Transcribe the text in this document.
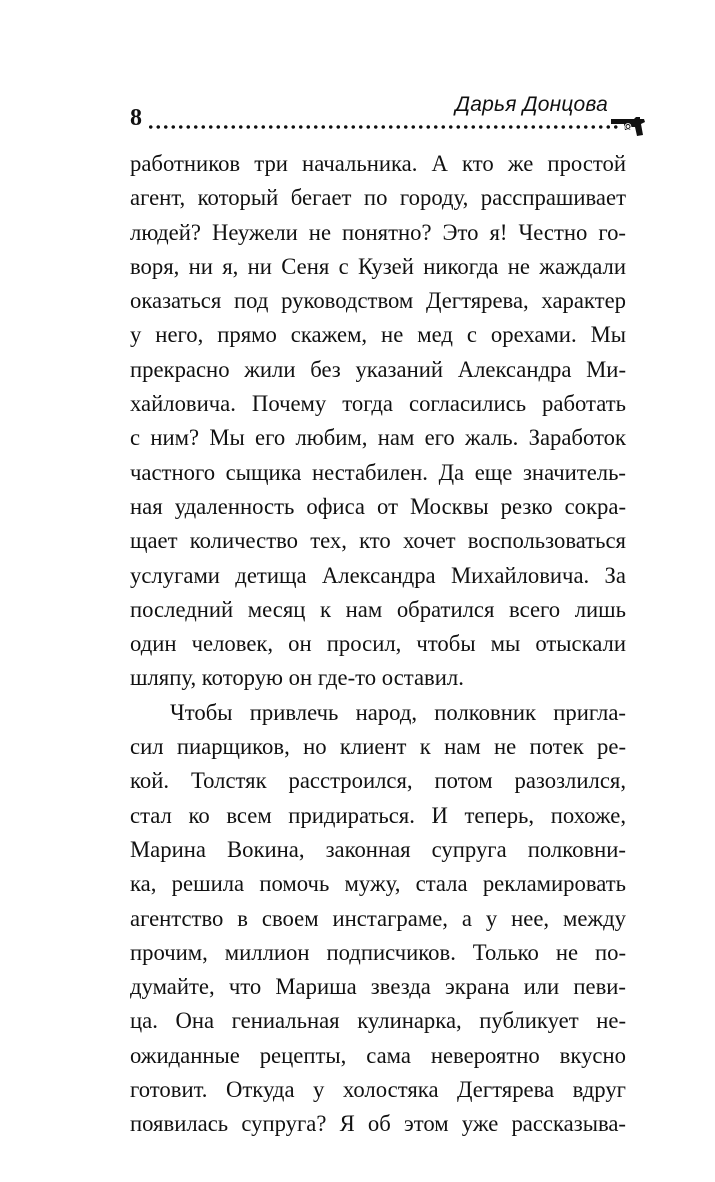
8
Дарья Донцова
работников три начальника. А кто же простой
агент, который бегает по городу, расспрашивает
людей? Неужели не понятно? Это я! Честно го-
воря, ни я, ни Сеня с Кузей никогда не жаждали
оказаться под руководством Дегтярева, характер
у него, прямо скажем, не мед с орехами. Мы
прекрасно жили без указаний Александра Ми-
хайловича. Почему тогда согласились работать
с ним? Мы его любим, нам его жаль. Заработок
частного сыщика нестабилен. Да еще значитель-
ная удаленность офиса от Москвы резко сокра-
щает количество тех, кто хочет воспользоваться
услугами детища Александра Михайловича. За
последний месяц к нам обратился всего лишь
один человек, он просил, чтобы мы отыскали
шляпу, которую он где-то оставил.
Чтобы привлечь народ, полковник пригла-
сил пиарщиков, но клиент к нам не потек ре-
кой. Толстяк расстроился, потом разозлился,
стал ко всем придираться. И теперь, похоже,
Марина Вокина, законная супруга полковни-
ка, решила помочь мужу, стала рекламировать
агентство в своем инстаграме, а у нее, между
прочим, миллион подписчиков. Только не по-
думайте, что Мариша звезда экрана или певи-
ца. Она гениальная кулинарка, публикует не-
ожиданные рецепты, сама невероятно вкусно
готовит. Откуда у холостяка Дегтярева вдруг
появилась супруга? Я об этом уже рассказыва-
